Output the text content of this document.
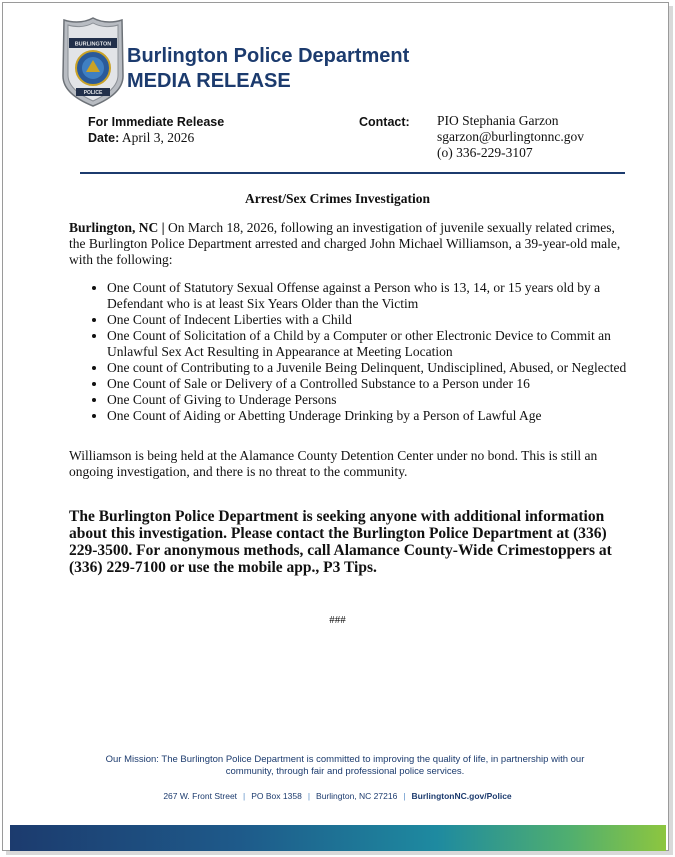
BURLINGTON
POLICE
Burlington Police Department
MEDIA RELEASE
For Immediate Release
Date: April 3, 2026
Contact: PIO Stephania Garzon
sgarzon@burlingtonnc.gov
(o) 336-229-3107
Arrest/Sex Crimes Investigation
Burlington, NC | On March 18, 2026, following an investigation of juvenile sexually related crimes, the Burlington Police Department arrested and charged John Michael Williamson, a 39-year-old male, with the following:
• One Count of Statutory Sexual Offense against a Person who is 13, 14, or 15 years old by a Defendant who is at least Six Years Older than the Victim
• One Count of Indecent Liberties with a Child
• One Count of Solicitation of a Child by a Computer or other Electronic Device to Commit an Unlawful Sex Act Resulting in Appearance at Meeting Location
• One count of Contributing to a Juvenile Being Delinquent, Undisciplined, Abused, or Neglected
• One Count of Sale or Delivery of a Controlled Substance to a Person under 16
• One Count of Giving to Underage Persons
• One Count of Aiding or Abetting Underage Drinking by a Person of Lawful Age
Williamson is being held at the Alamance County Detention Center under no bond. This is still an ongoing investigation, and there is no threat to the community.
The Burlington Police Department is seeking anyone with additional information about this investigation. Please contact the Burlington Police Department at (336) 229-3500. For anonymous methods, call Alamance County-Wide Crimestoppers at (336) 229-7100 or use the mobile app., P3 Tips.
###
Our Mission: The Burlington Police Department is committed to improving the quality of life, in partnership with our community, through fair and professional police services.
267 W. Front Street | PO Box 1358 | Burlington, NC 27216 | BurlingtonNC.gov/Police
